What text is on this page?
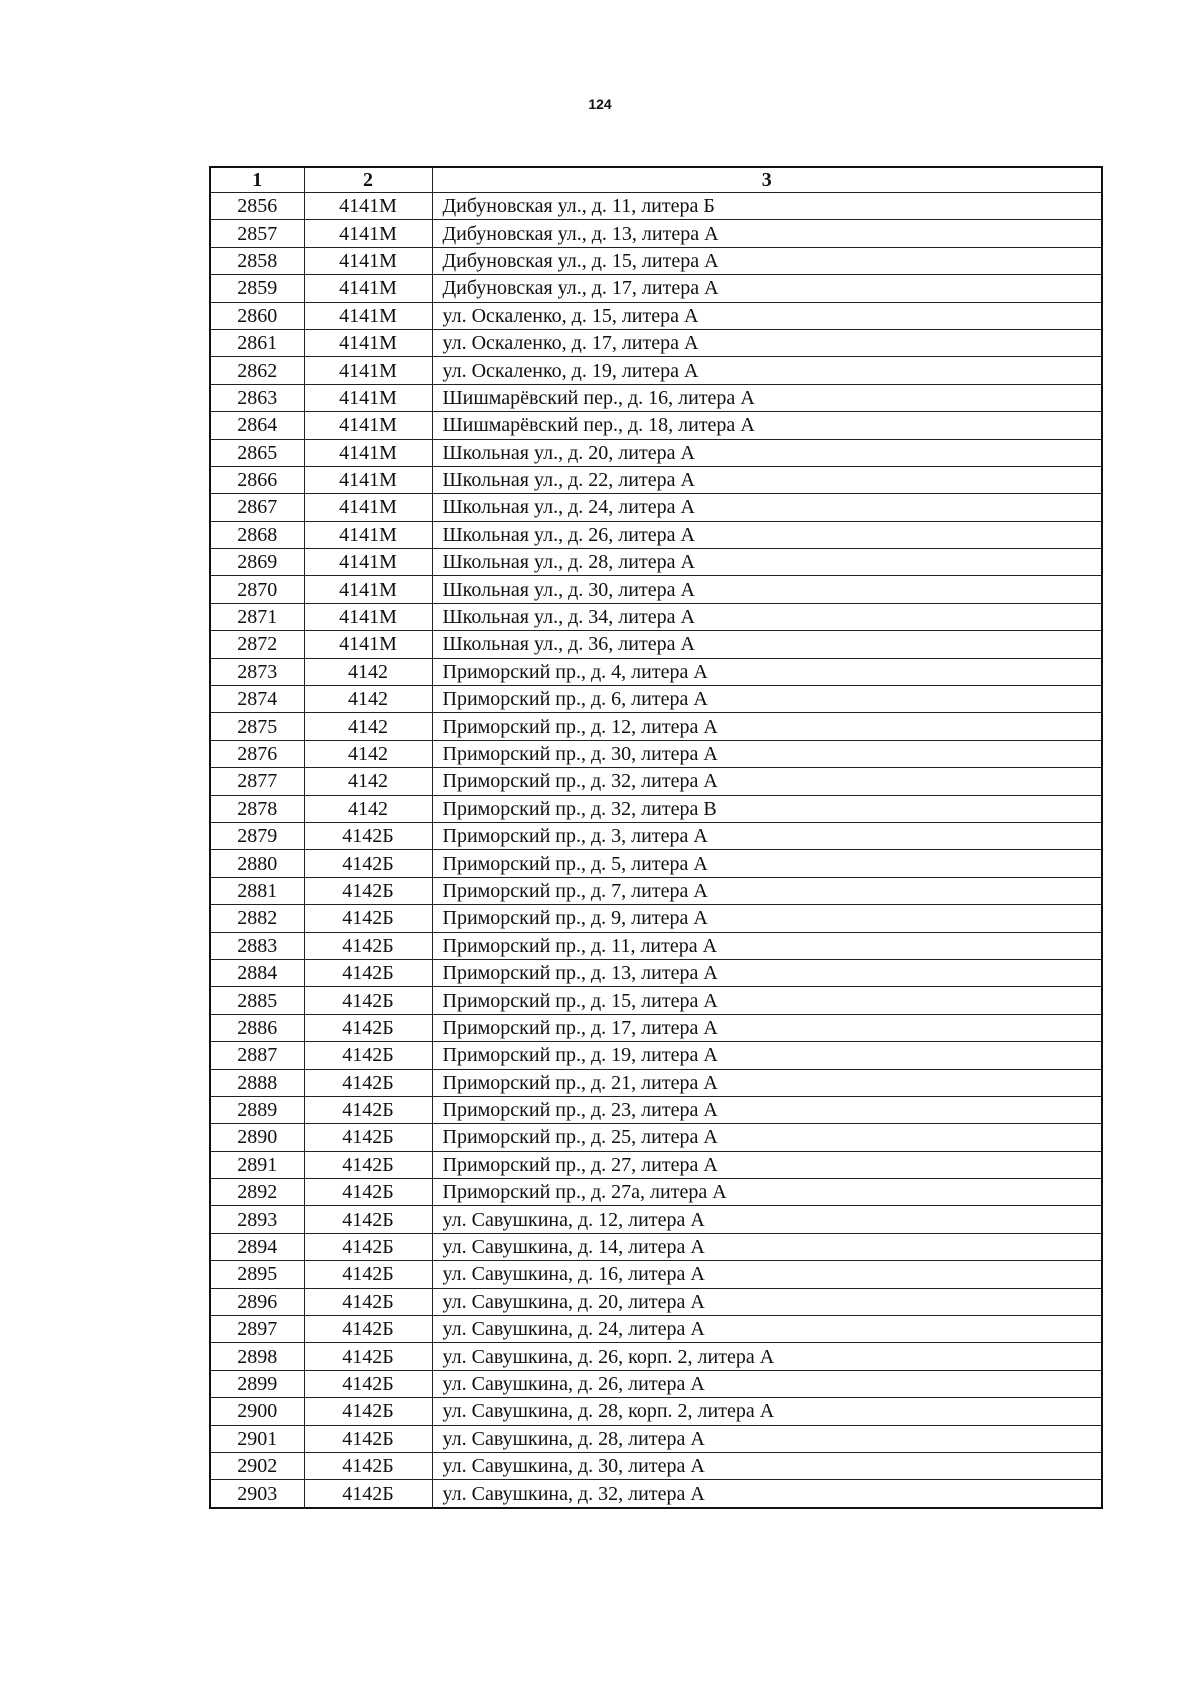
124
1	2	3
2856	4141М	Дибуновская ул., д. 11, литера Б
2857	4141М	Дибуновская ул., д. 13, литера А
2858	4141М	Дибуновская ул., д. 15, литера А
2859	4141М	Дибуновская ул., д. 17, литера А
2860	4141М	ул. Оскаленко, д. 15, литера А
2861	4141М	ул. Оскаленко, д. 17, литера А
2862	4141М	ул. Оскаленко, д. 19, литера А
2863	4141М	Шишмарёвский пер., д. 16, литера А
2864	4141М	Шишмарёвский пер., д. 18, литера А
2865	4141М	Школьная ул., д. 20, литера А
2866	4141М	Школьная ул., д. 22, литера А
2867	4141М	Школьная ул., д. 24, литера А
2868	4141М	Школьная ул., д. 26, литера А
2869	4141М	Школьная ул., д. 28, литера А
2870	4141М	Школьная ул., д. 30, литера А
2871	4141М	Школьная ул., д. 34, литера А
2872	4141М	Школьная ул., д. 36, литера А
2873	4142	Приморский пр., д. 4, литера А
2874	4142	Приморский пр., д. 6, литера А
2875	4142	Приморский пр., д. 12, литера А
2876	4142	Приморский пр., д. 30, литера А
2877	4142	Приморский пр., д. 32, литера А
2878	4142	Приморский пр., д. 32, литера В
2879	4142Б	Приморский пр., д. 3, литера А
2880	4142Б	Приморский пр., д. 5, литера А
2881	4142Б	Приморский пр., д. 7, литера А
2882	4142Б	Приморский пр., д. 9, литера А
2883	4142Б	Приморский пр., д. 11, литера А
2884	4142Б	Приморский пр., д. 13, литера А
2885	4142Б	Приморский пр., д. 15, литера А
2886	4142Б	Приморский пр., д. 17, литера А
2887	4142Б	Приморский пр., д. 19, литера А
2888	4142Б	Приморский пр., д. 21, литера А
2889	4142Б	Приморский пр., д. 23, литера А
2890	4142Б	Приморский пр., д. 25, литера А
2891	4142Б	Приморский пр., д. 27, литера А
2892	4142Б	Приморский пр., д. 27а, литера А
2893	4142Б	ул. Савушкина, д. 12, литера А
2894	4142Б	ул. Савушкина, д. 14, литера А
2895	4142Б	ул. Савушкина, д. 16, литера А
2896	4142Б	ул. Савушкина, д. 20, литера А
2897	4142Б	ул. Савушкина, д. 24, литера А
2898	4142Б	ул. Савушкина, д. 26, корп. 2, литера А
2899	4142Б	ул. Савушкина, д. 26, литера А
2900	4142Б	ул. Савушкина, д. 28, корп. 2, литера А
2901	4142Б	ул. Савушкина, д. 28, литера А
2902	4142Б	ул. Савушкина, д. 30, литера А
2903	4142Б	ул. Савушкина, д. 32, литера А
